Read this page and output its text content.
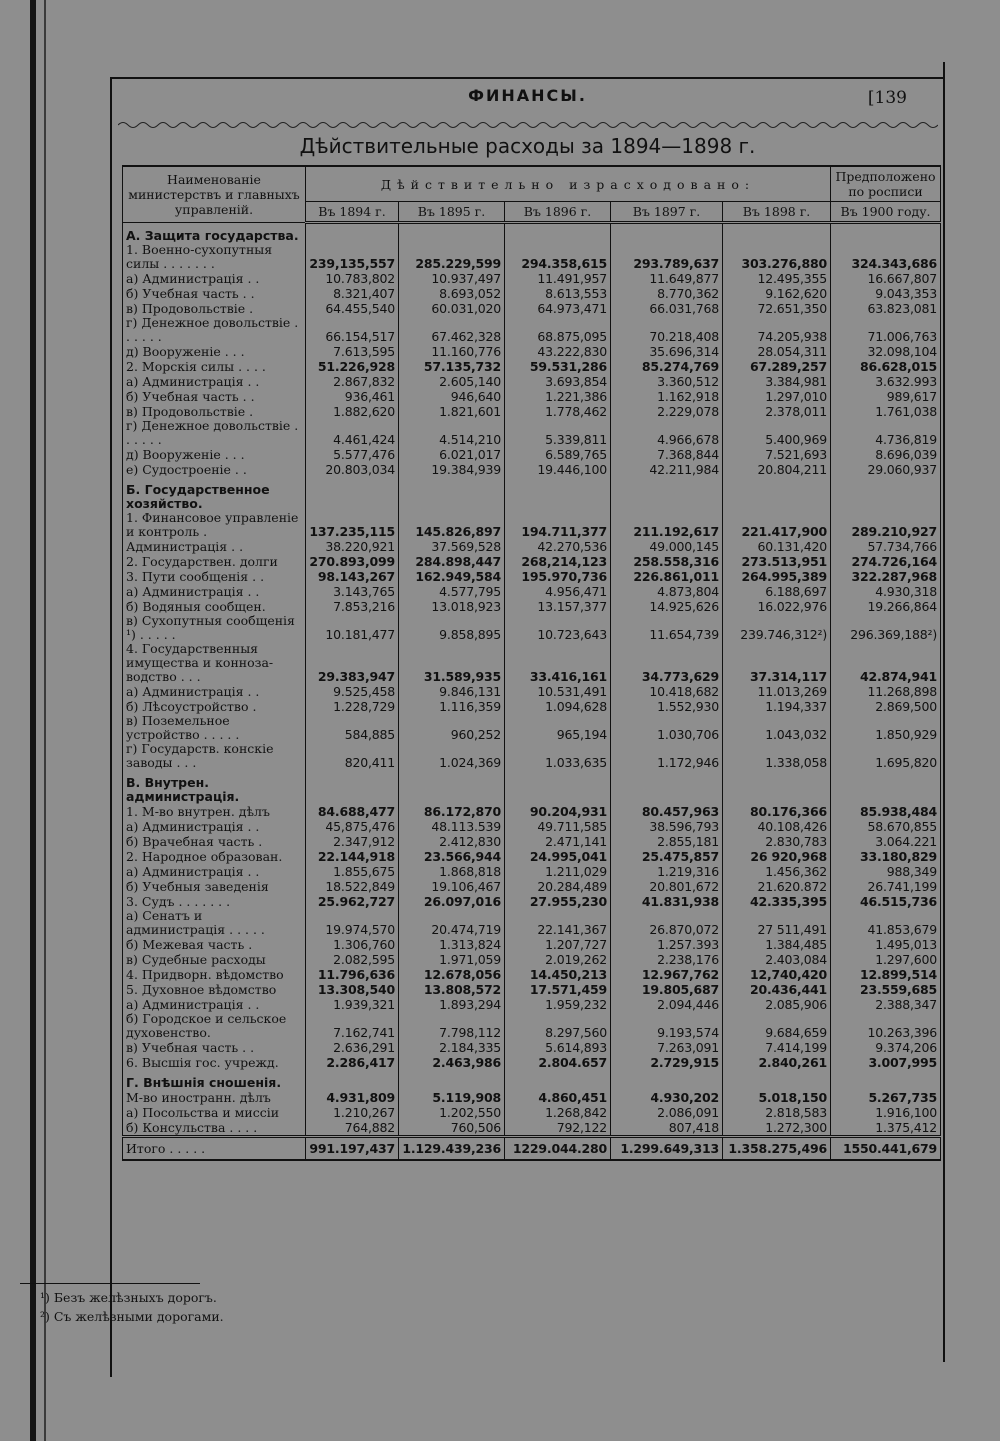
ФИНАНСЫ.	[139
Дѣйствительные расходы за 1894—1898 г.
Наименованіе министерствъ и главныхъ управленій.	Дѣйствительно израсходовано:					Предположено по росписи
	Въ 1894 г.	Въ 1895 г.	Въ 1896 г.	Въ 1897 г.	Въ 1898 г.	Въ 1900 году.
А. Защита государства.						
1. Военно-сухопутныя силы . . . . . . .	239,135,557	285.229,599	294.358,615	293.789,637	303.276,880	324.343,686
а) Администрація . .	10.783,802	10.937,497	11.491,957	11.649,877	12.495,355	16.667,807
б) Учебная часть . .	8.321,407	8.693,052	8.613,553	8.770,362	9.162,620	9.043,353
в) Продовольствіе .	64.455,540	60.031,020	64.973,471	66.031,768	72.651,350	63.823,081
г) Денежное довольствіе . . . . . .	66.154,517	67.462,328	68.875,095	70.218,408	74.205,938	71.006,763
д) Вооруженіе . . .	7.613,595	11.160,776	43.222,830	35.696,314	28.054,311	32.098,104
2. Морскія силы . . . .	51.226,928	57.135,732	59.531,286	85.274,769	67.289,257	86.628,015
а) Администрація . .	2.867,832	2.605,140	3.693,854	3.360,512	3.384,981	3.632.993
б) Учебная часть . .	936,461	946,640	1.221,386	1.162,918	1.297,010	989,617
в) Продовольствіе .	1.882,620	1.821,601	1.778,462	2.229,078	2.378,011	1.761,038
г) Денежное довольствіе . . . . . .	4.461,424	4.514,210	5.339,811	4.966,678	5.400,969	4.736,819
д) Вооруженіе . . .	5.577,476	6.021,017	6.589,765	7.368,844	7.521,693	8.696,039
е) Судостроеніе . .	20.803,034	19.384,939	19.446,100	42.211,984	20.804,211	29.060,937
Б. Государственное хозяйство.						
1. Финансовое управленіе и контроль .	137.235,115	145.826,897	194.711,377	211.192,617	221.417,900	289.210,927
Администрація . .	38.220,921	37.569,528	42.270,536	49.000,145	60.131,420	57.734,766
2. Государствен. долги	270.893,099	284.898,447	268,214,123	258.558,316	273.513,951	274.726,164
3. Пути сообщенія . .	98.143,267	162.949,584	195.970,736	226.861,011	264.995,389	322.287,968
а) Администрація . .	3.143,765	4.577,795	4.956,471	4.873,804	6.188,697	4.930,318
б) Водяныя сообщен.	7.853,216	13.018,923	13.157,377	14.925,626	16.022,976	19.266,864
в) Сухопутныя сообщенія ¹) . . . . .	10.181,477	9.858,895	10.723,643	11.654,739	239.746,312²)	296.369,188²)
4. Государственныя имущества и коннозаводство . . .	29.383,947	31.589,935	33.416,161	34.773,629	37.314,117	42.874,941
а) Администрація . .	9.525,458	9.846,131	10.531,491	10.418,682	11.013,269	11.268,898
б) Лѣсоустройство .	1.228,729	1.116,359	1.094,628	1.552,930	1.194,337	2.869,500
в) Поземельное устройство . . . . .	584,885	960,252	965,194	1.030,706	1.043,032	1.850,929
г) Государств. конскіе заводы . . .	820,411	1.024,369	1.033,635	1.172,946	1.338,058	1.695,820
В. Внутрен. администрація.						
1. М-во внутрен. дѣлъ	84.688,477	86.172,870	90.204,931	80.457,963	80.176,366	85.938,484
а) Администрація . .	45,875,476	48.113.539	49.711,585	38.596,793	40.108,426	58.670,855
б) Врачебная часть .	2.347,912	2.412,830	2.471,141	2.855,181	2.830,783	3.064.221
2. Народное образован.	22.144,918	23.566,944	24.995,041	25.475,857	26 920,968	33.180,829
а) Администрація . .	1.855,675	1.868,818	1.211,029	1.219,316	1.456,362	988,349
б) Учебныя заведенія	18.522,849	19.106,467	20.284,489	20.801,672	21.620.872	26.741,199
3. Судъ . . . . . . .	25.962,727	26.097,016	27.955,230	41.831,938	42.335,395	46.515,736
а) Сенатъ и администрація . . . . .	19.974,570	20.474,719	22.141,367	26.870,072	27 511,491	41.853,679
б) Межевая часть .	1.306,760	1.313,824	1.207,727	1.257.393	1.384,485	1.495,013
в) Судебные расходы	2.082,595	1.971,059	2.019,262	2.238,176	2.403,084	1.297,600
4. Придворн. вѣдомство	11.796,636	12.678,056	14.450,213	12.967,762	12,740,420	12.899,514
5. Духовное вѣдомство	13.308,540	13.808,572	17.571,459	19.805,687	20.436,441	23.559,685
а) Администрація . .	1.939,321	1.893,294	1.959,232	2.094,446	2.085,906	2.388,347
б) Городское и сельское духовенство.	7.162,741	7.798,112	8.297,560	9.193,574	9.684,659	10.263,396
в) Учебная часть . .	2.636,291	2.184,335	5.614,893	7.263,091	7.414,199	9.374,206
6. Высшія гос. учрежд.	2.286,417	2.463,986	2.804.657	2.729,915	2.840,261	3.007,995
Г. Внѣшнія сношенія.						
М-во иностранн. дѣлъ	4.931,809	5.119,908	4.860,451	4.930,202	5.018,150	5.267,735
а) Посольства и миссіи	1.210,267	1.202,550	1.268,842	2.086,091	2.818,583	1.916,100
б) Консульства . . . .	764,882	760,506	792,122	807,418	1.272,300	1.375,412
Итого . . . . .	991.197,437	1.129.439,236	1229.044.280	1.299.649,313	1.358.275,496	1550.441,679
¹) Безъ желѣзныхъ дорогъ.
²) Съ желѣзными дорогами.
